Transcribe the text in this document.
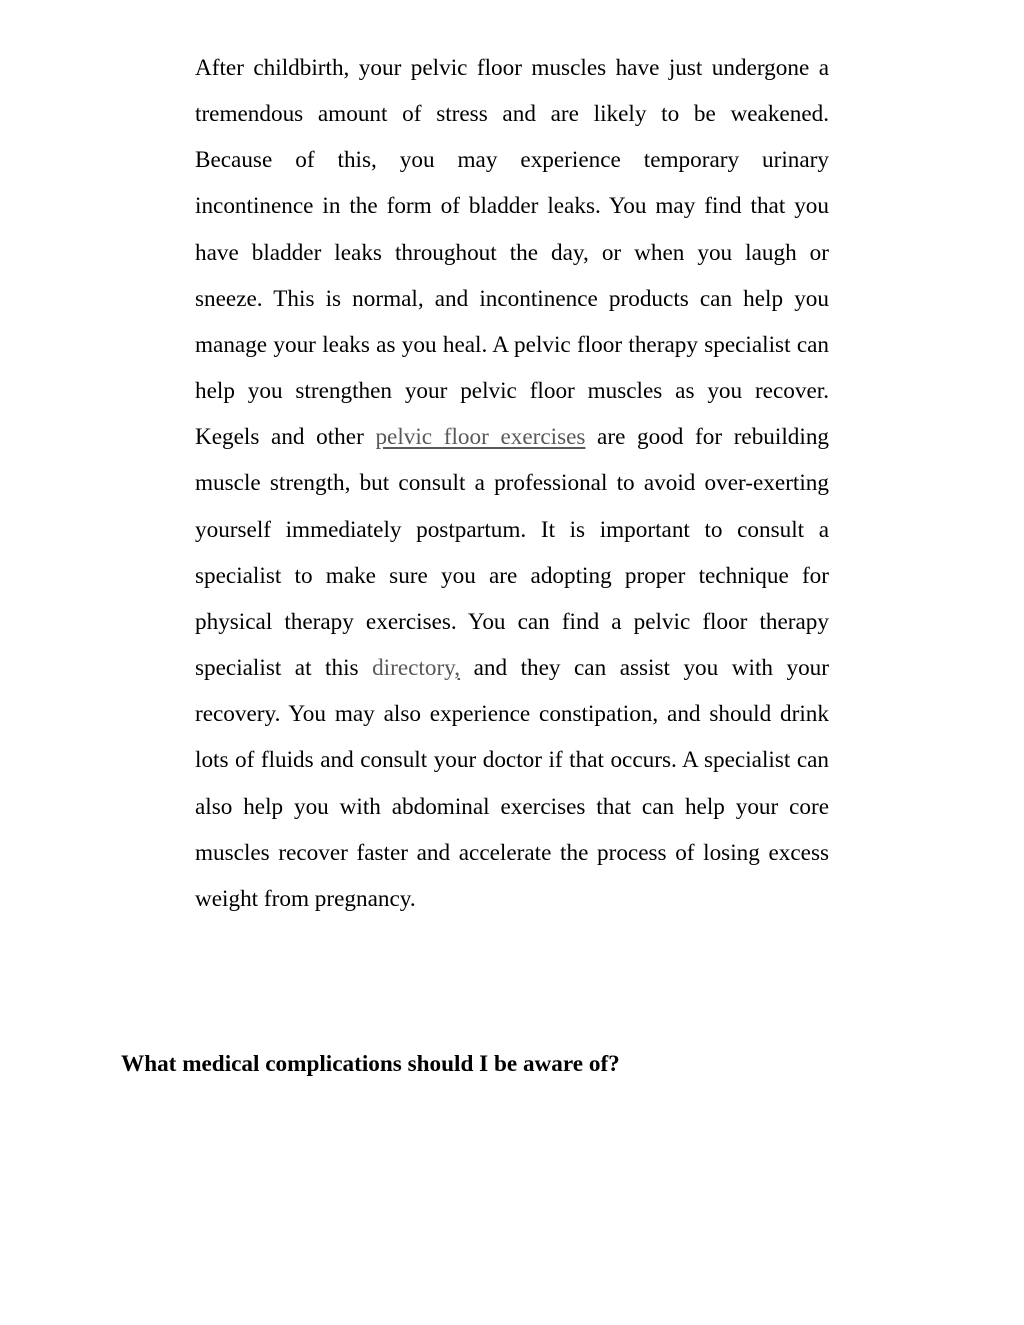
After childbirth, your pelvic floor muscles have just undergone a tremendous amount of stress and are likely to be weakened. Because of this, you may experience temporary urinary incontinence in the form of bladder leaks. You may find that you have bladder leaks throughout the day, or when you laugh or sneeze. This is normal, and incontinence products can help you manage your leaks as you heal. A pelvic floor therapy specialist can help you strengthen your pelvic floor muscles as you recover. Kegels and other pelvic floor exercises are good for rebuilding muscle strength, but consult a professional to avoid over-exerting yourself immediately postpartum. It is important to consult a specialist to make sure you are adopting proper technique for physical therapy exercises. You can find a pelvic floor therapy specialist at this directory, and they can assist you with your recovery. You may also experience constipation, and should drink lots of fluids and consult your doctor if that occurs. A specialist can also help you with abdominal exercises that can help your core muscles recover faster and accelerate the process of losing excess weight from pregnancy.

What medical complications should I be aware of?
